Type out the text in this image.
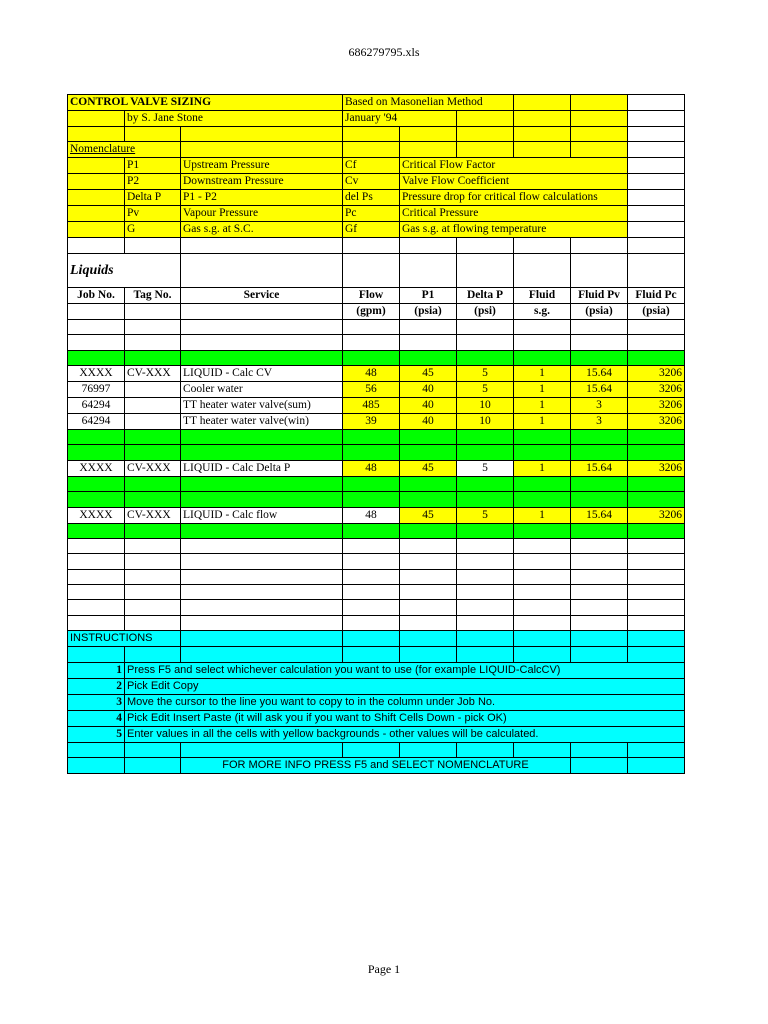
686279795.xls
CONTROL VALVE SIZING			Based on Masonelian Method					
	by S. Jane Stone		January '94					

Nomenclature								
	P1	Upstream Pressure	Cf	Critical Flow Factor				
	P2	Downstream Pressure	Cv	Valve Flow Coefficient				
	Delta P	P1 - P2	del Ps	Pressure drop for critical flow calculations				
	Pv	Vapour Pressure	Pc	Critical Pressure				
	G	Gas s.g. at S.C.	Gf	Gas s.g. at flowing temperature				

Liquids								
Job No.	Tag No.	Service	Flow	P1	Delta P	Fluid	Fluid Pv	Fluid Pc
			(gpm)	(psia)	(psi)	s.g.	(psia)	(psia)

XXXX	CV-XXX	LIQUID - Calc CV	48	45	5	1	15.64	3206
76997		Cooler water	56	40	5	1	15.64	3206
64294		TT heater water valve(sum)	485	40	10	1	3	3206
64294		TT heater water valve(win)	39	40	10	1	3	3206

XXXX	CV-XXX	LIQUID - Calc Delta P	48	45	5	1	15.64	3206

XXXX	CV-XXX	LIQUID - Calc flow	48	45	5	1	15.64	3206

INSTRUCTIONS								

1	Press F5 and select whichever calculation you want to use (for example LIQUID-CalcCV)							
2	Pick Edit Copy							
3	Move the cursor to the line you want to copy to in the column under Job No.							
4	Pick Edit Insert Paste (it will ask you if you want to Shift Cells Down - pick OK)							
5	Enter values in all the cells with yellow backgrounds - other values will be calculated.							

		FOR MORE INFO PRESS F5 and SELECT NOMENCLATURE						
Page 1
